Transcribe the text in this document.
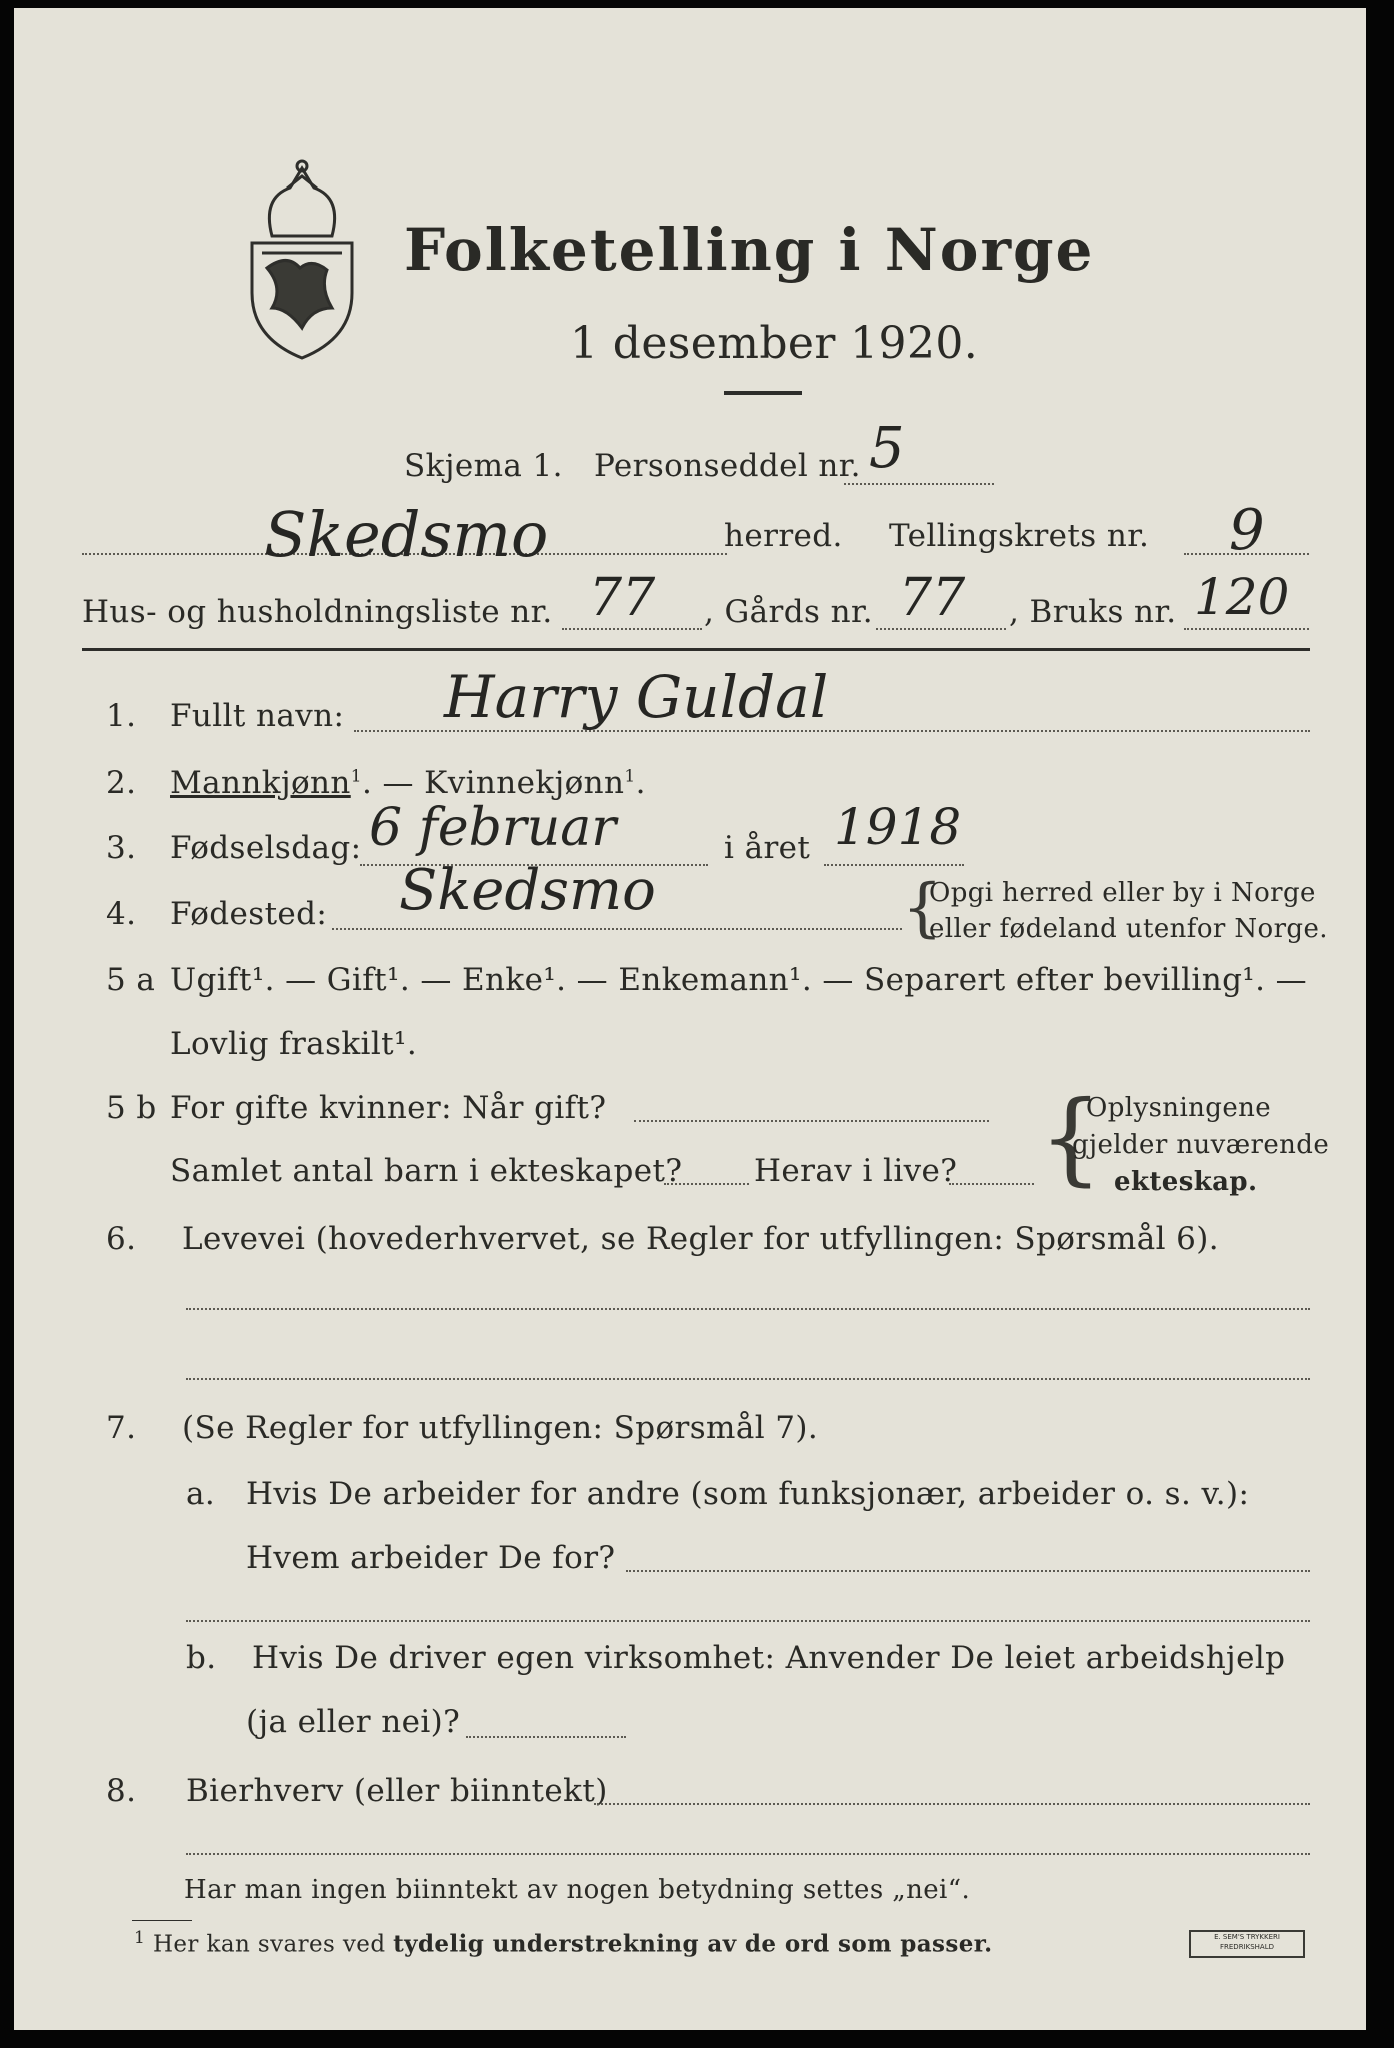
Folketelling i Norge
1 desember 1920.
Skjema 1. Personseddel nr. 5
Skedsmo	herred. Tellingskrets nr. 9
Hus- og husholdningsliste nr. 77 , Gårds nr. 77 , Bruks nr. 120
1. Fullt navn: Harry Guldal
2. Mannkjønn$^1$. — Kvinnekjønn$^1$.
3. Fødselsdag: 6 februar	i året 1918
4. Fødested: Skedsmo	{
Opgi herred eller by i Norge
eller fødeland utenfor Norge.
5 a Ugift¹. — Gift¹. — Enke¹. — Enkemann¹. — Separert efter bevilling¹. —
Lovlig fraskilt¹.
5 b For gifte kvinner: Når gift?
Samlet antal barn i ekteskapet? Herav i live? {
Oplysningene
gjelder nuværende
ekteskap.
6. Levevei (hovederhvervet, se Regler for utfyllingen: Spørsmål 6).
7. (Se Regler for utfyllingen: Spørsmål 7).
a. Hvis De arbeider for andre (som funksjonær, arbeider o. s. v.):
Hvem arbeider De for?
b. Hvis De driver egen virksomhet: Anvender De leiet arbeidshjelp
(ja eller nei)?
8. Bierhverv (eller biinntekt)
Har man ingen biinntekt av nogen betydning settes „nei“.
$^1$ Her kan svares ved tydelig understrekning av de ord som passer.	E. SEM'S TRYKKERI
FREDRIKSHALD
